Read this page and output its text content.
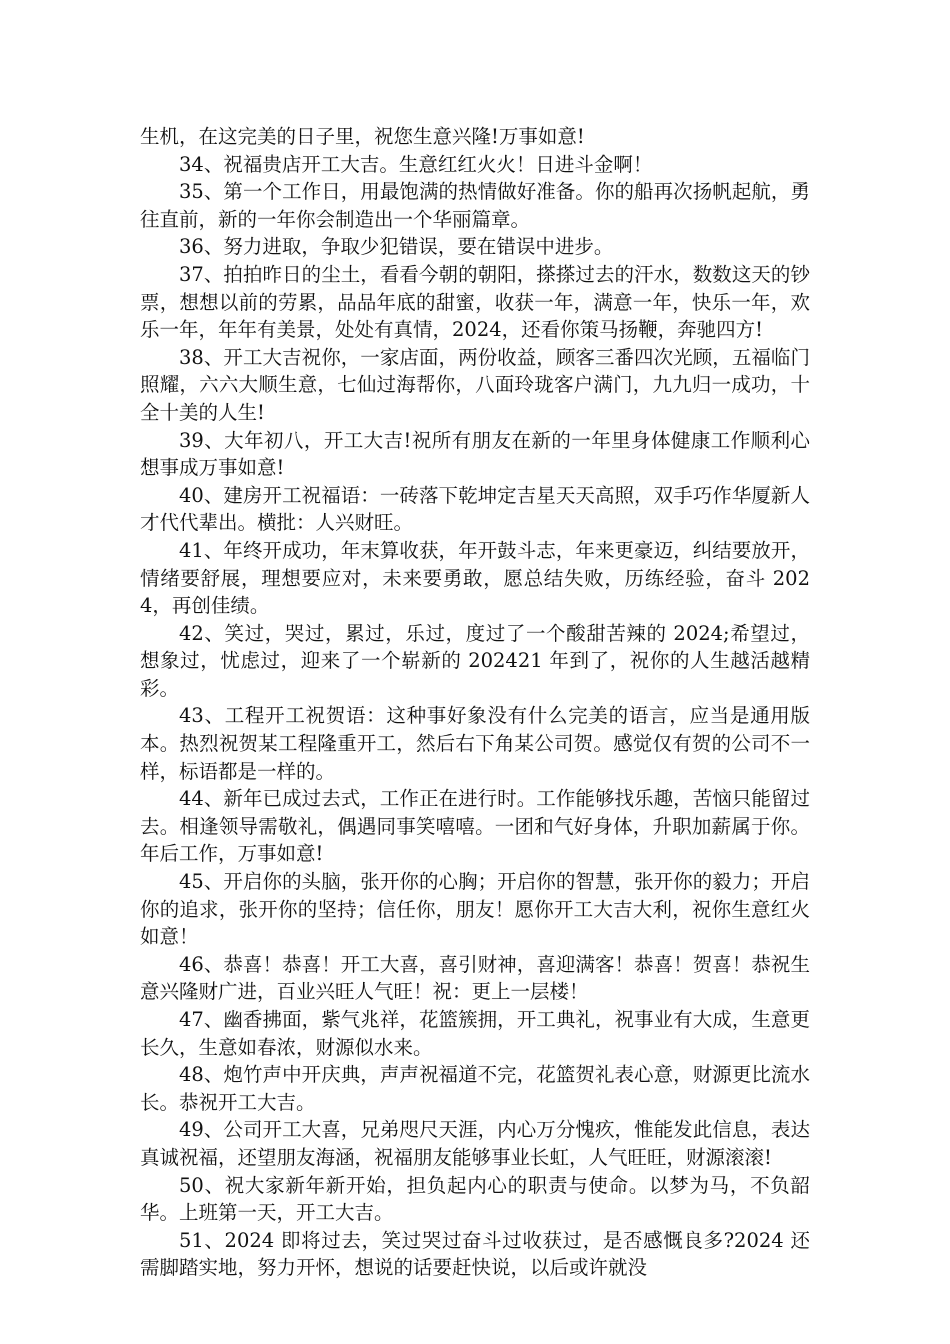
生机，在这完美的日子里，祝您生意兴隆!万事如意!

34、祝福贵店开工大吉。生意红红火火！日进斗金啊！

35、第一个工作日，用最饱满的热情做好准备。你的船再次扬帆起航，勇往直前，新的一年你会制造出一个华丽篇章。

36、努力进取，争取少犯错误，要在错误中进步。

37、拍拍昨日的尘土，看看今朝的朝阳，搽搽过去的汗水，数数这天的钞票，想想以前的劳累，品品年底的甜蜜，收获一年，满意一年，快乐一年，欢乐一年，年年有美景，处处有真情，2024，还看你策马扬鞭，奔驰四方!

38、开工大吉祝你，一家店面，两份收益，顾客三番四次光顾，五福临门照耀，六六大顺生意，七仙过海帮你，八面玲珑客户满门，九九归一成功，十全十美的人生!

39、大年初八，开工大吉!祝所有朋友在新的一年里身体健康工作顺利心想事成万事如意!

40、建房开工祝福语：一砖落下乾坤定吉星天天高照，双手巧作华厦新人才代代辈出。横批：人兴财旺。

41、年终开成功，年末算收获，年开鼓斗志，年来更豪迈，纠结要放开，情绪要舒展，理想要应对，未来要勇敢，愿总结失败，历练经验，奋斗 2024，再创佳绩。

42、笑过，哭过，累过，乐过，度过了一个酸甜苦辣的 2024;希望过，想象过，忧虑过，迎来了一个崭新的 202421 年到了，祝你的人生越活越精彩。

43、工程开工祝贺语：这种事好象没有什么完美的语言，应当是通用版本。热烈祝贺某工程隆重开工，然后右下角某公司贺。感觉仅有贺的公司不一样，标语都是一样的。

44、新年已成过去式，工作正在进行时。工作能够找乐趣，苦恼只能留过去。相逢领导需敬礼，偶遇同事笑嘻嘻。一团和气好身体，升职加薪属于你。年后工作，万事如意!

45、开启你的头脑，张开你的心胸；开启你的智慧，张开你的毅力；开启你的追求，张开你的坚持；信任你，朋友！愿你开工大吉大利，祝你生意红火如意！

46、恭喜！恭喜！开工大喜，喜引财神，喜迎满客！恭喜！贺喜！恭祝生意兴隆财广进，百业兴旺人气旺！祝：更上一层楼！

47、幽香拂面，紫气兆祥，花篮簇拥，开工典礼，祝事业有大成，生意更长久，生意如春浓，财源似水来。

48、炮竹声中开庆典，声声祝福道不完，花篮贺礼表心意，财源更比流水长。恭祝开工大吉。

49、公司开工大喜，兄弟咫尺天涯，内心万分愧疚，惟能发此信息，表达真诚祝福，还望朋友海涵，祝福朋友能够事业长虹，人气旺旺，财源滚滚!

50、祝大家新年新开始，担负起内心的职责与使命。以梦为马，不负韶华。上班第一天，开工大吉。

51、2024 即将过去，笑过哭过奋斗过收获过，是否感慨良多?2024 还需脚踏实地，努力开怀，想说的话要赶快说，以后或许就没
